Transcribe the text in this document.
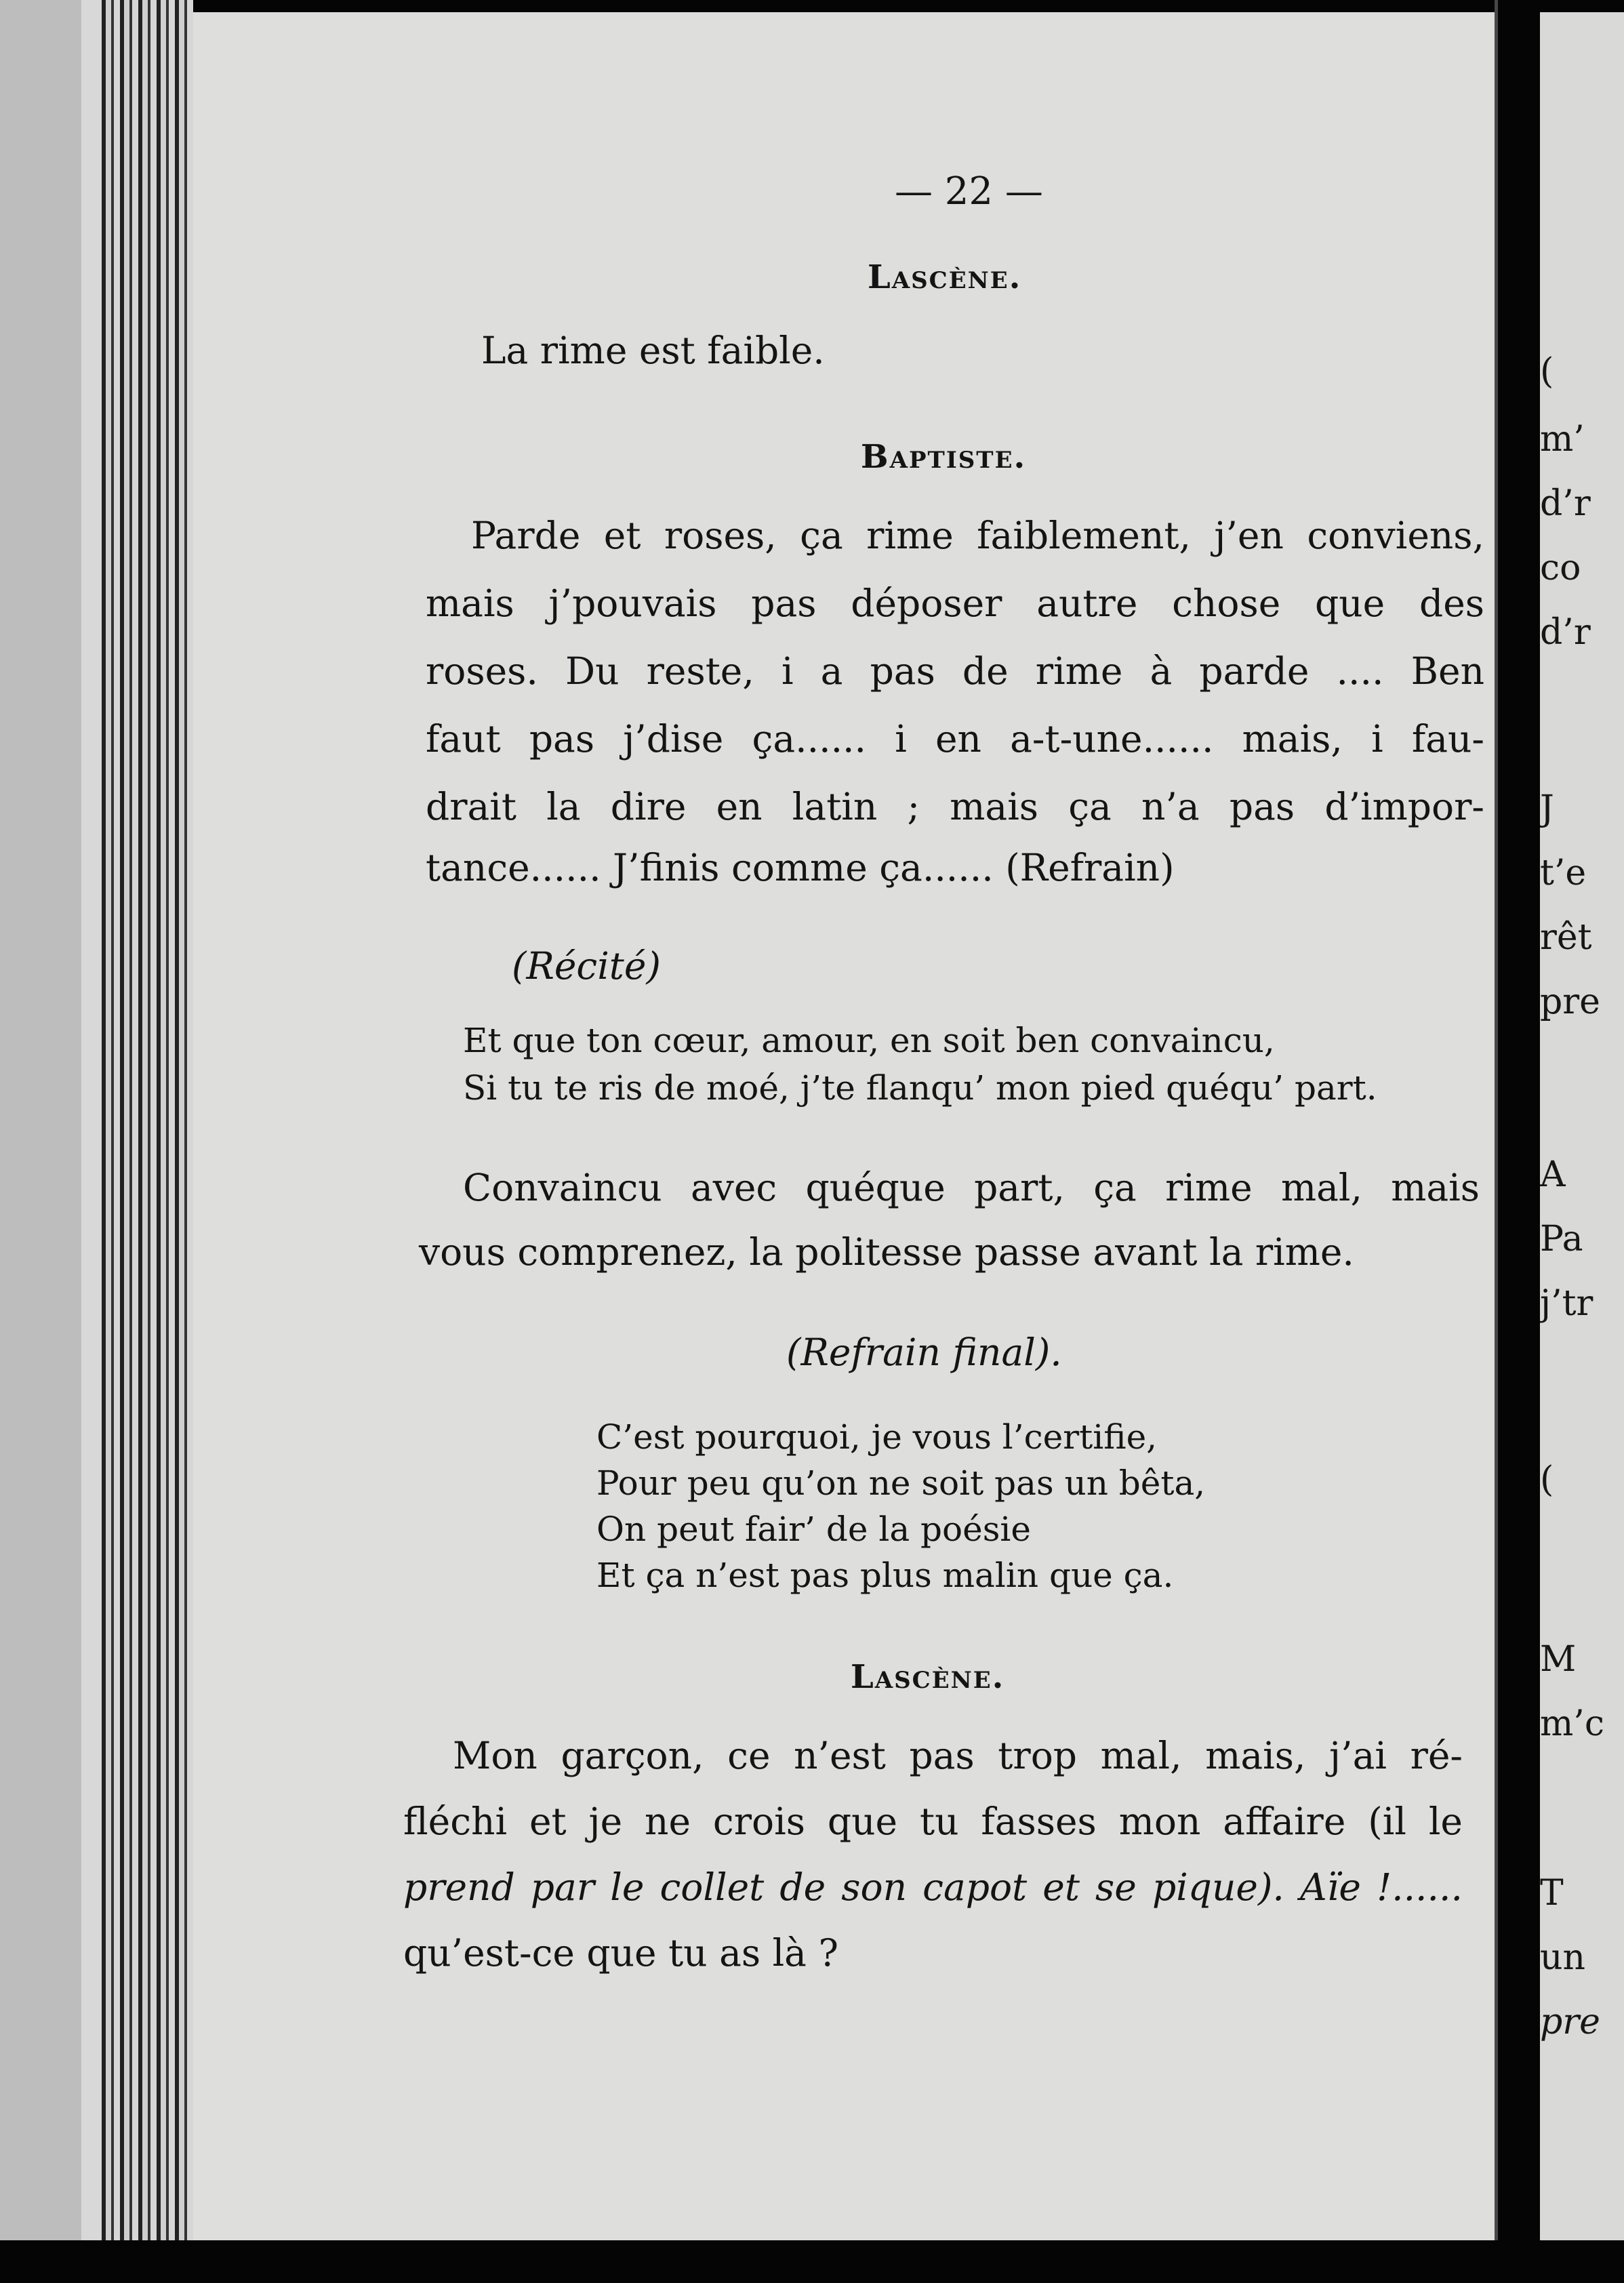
(
m’
d’r
co
d’r
J
t’e
rêt
pre
A
Pa
j’tr
(
M
m’c
T
un
pre
— 22 —
Lascène.
La rime est faible.
Baptiste.
Parde et roses, ça rime faiblement, j’en conviens,
mais j’pouvais pas déposer autre chose que des
roses. Du reste, i a pas de rime à parde .... Ben
faut pas j’dise ça...... i en a-t-une...... mais, i fau-
drait la dire en latin ; mais ça n’a pas d’impor-
tance...... J’finis comme ça...... (Refrain)
(Récité)
Et que ton cœur, amour, en soit ben convaincu,
Si tu te ris de moé, j’te flanqu’ mon pied quéqu’ part.
Convaincu avec quéque part, ça rime mal, mais
vous comprenez, la politesse passe avant la rime.
(Refrain final).
C’est pourquoi, je vous l’certifie,
Pour peu qu’on ne soit pas un bêta,
On peut fair’ de la poésie
Et ça n’est pas plus malin que ça.
Lascène.
Mon garçon, ce n’est pas trop mal, mais, j’ai ré-
fléchi et je ne crois que tu fasses mon affaire (il le
prend par le collet de son capot et se pique). Aïe !......
qu’est-ce que tu as là ?
